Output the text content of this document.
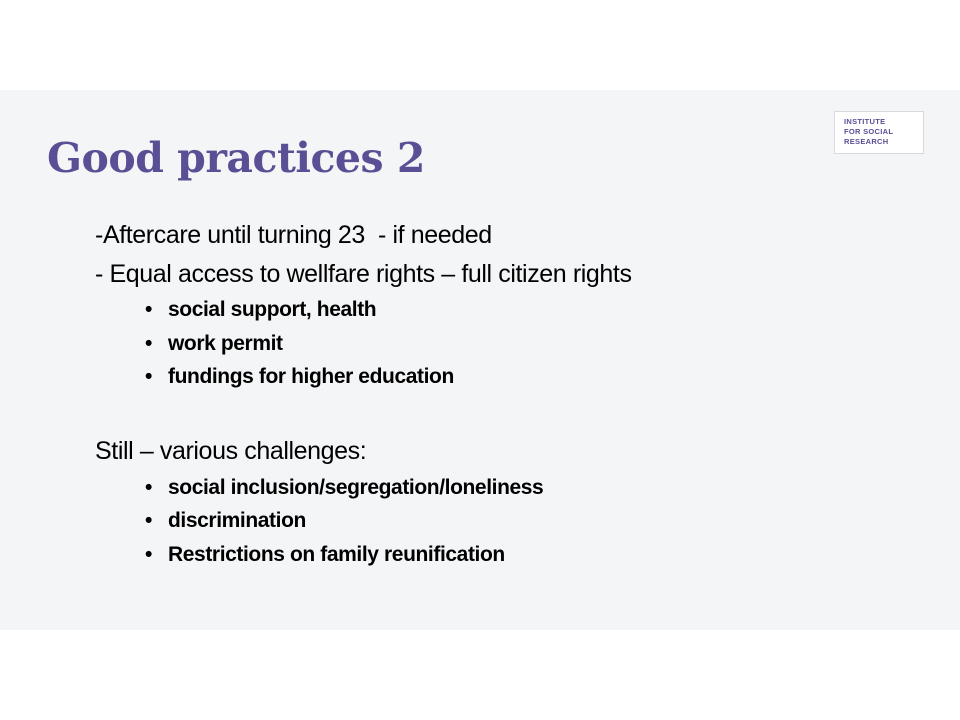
Good practices 2
INSTITUTE
FOR SOCIAL
RESEARCH
-Aftercare until turning 23  - if needed
- Equal access to wellfare rights – full citizen rights
• social support, health
• work permit
• fundings for higher education
Still – various challenges:
• social inclusion/segregation/loneliness
• discrimination
• Restrictions on family reunification
